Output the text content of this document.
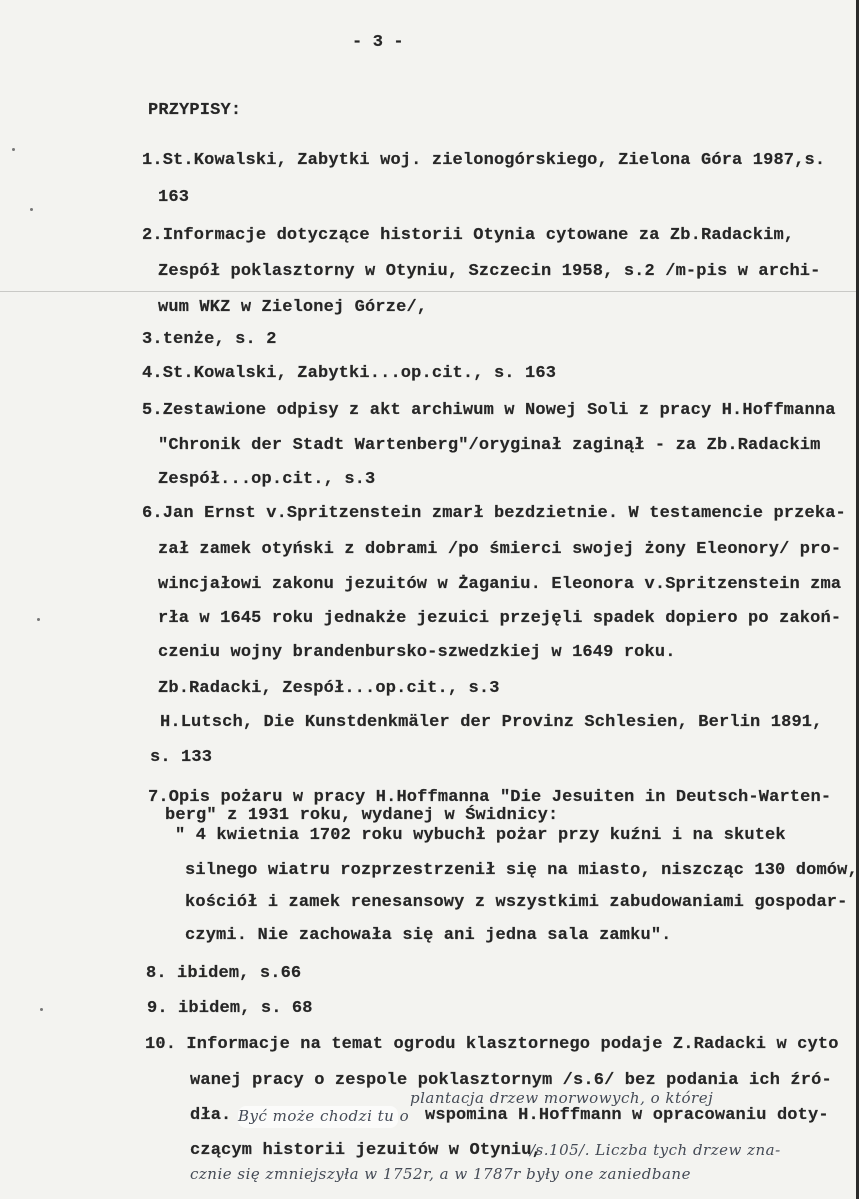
- 3 -
PRZYPISY:
1.St.Kowalski, Zabytki woj. zielonogórskiego, Zielona Góra 1987,s.
163
2.Informacje dotyczące historii Otynia cytowane za Zb.Radackim,
Zespół poklasztorny w Otyniu, Szczecin 1958, s.2 /m-pis w archi-
wum WKZ w Zielonej Górze/,
3.tenże, s. 2
4.St.Kowalski, Zabytki...op.cit., s. 163
5.Zestawione odpisy z akt archiwum w Nowej Soli z pracy H.Hoffmanna
"Chronik der Stadt Wartenberg"/oryginał zaginął - za Zb.Radackim
Zespół...op.cit., s.3
6.Jan Ernst v.Spritzenstein zmarł bezdzietnie. W testamencie przeka-
zał zamek otyński z dobrami /po śmierci swojej żony Eleonory/ pro-
wincjałowi zakonu jezuitów w Żaganiu. Eleonora v.Spritzenstein zma
rła w 1645 roku jednakże jezuici przejęli spadek dopiero po zakoń-
czeniu wojny brandenbursko-szwedzkiej w 1649 roku.
Zb.Radacki, Zespół...op.cit., s.3
H.Lutsch, Die Kunstdenkmäler der Provinz Schlesien, Berlin 1891,
s. 133
7.Opis pożaru w pracy H.Hoffmanna "Die Jesuiten in Deutsch-Warten-
berg" z 1931 roku, wydanej w Świdnicy:
" 4 kwietnia 1702 roku wybuchł pożar przy kuźni i na skutek
silnego wiatru rozprzestrzenił się na miasto, niszcząc 130 domów,
kościół i zamek renesansowy z wszystkimi zabudowaniami gospodar-
czymi. Nie zachowała się ani jedna sala zamku".
8. ibidem, s.66
9. ibidem, s. 68
10. Informacje na temat ogrodu klasztornego podaje Z.Radacki w cyto
wanej pracy o zespole poklasztornym /s.6/ bez podania ich źró-
plantacja drzew morwowych, o której
dła. Być może chodzi tu o wspomina H.Hoffmann w opracowaniu doty-
czącym historii jezuitów w Otyniu,
/s.105/. Liczba tych drzew zna-
cznie się zmniejszyła w 1752r, a w 1787r były one zaniedbane
